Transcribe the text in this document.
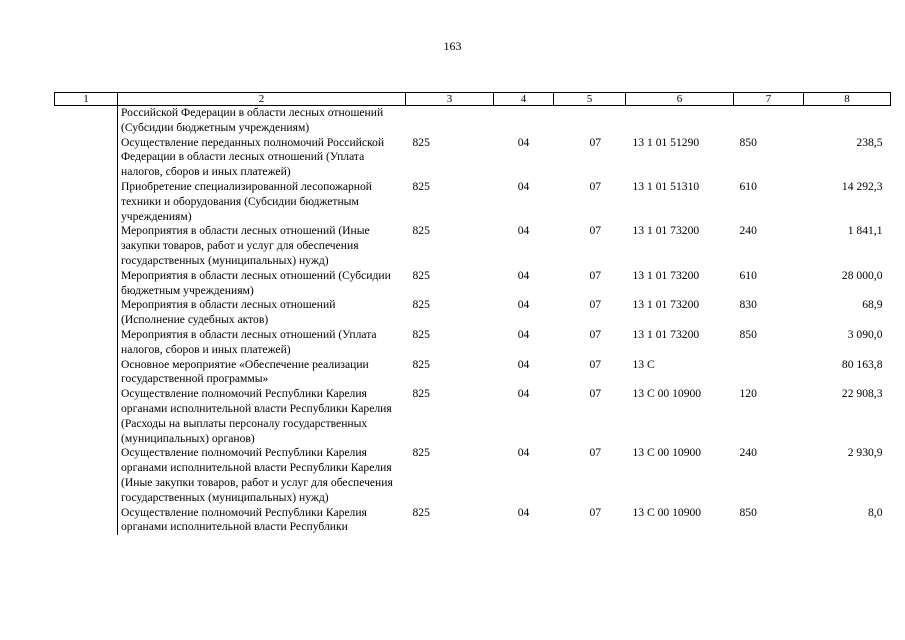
163
1	2	3	4	5	6	7	8
	Российской Федерации в области лесных отношений (Субсидии бюджетным учреждениям)						
	Осуществление переданных полномочий Российской Федерации в области лесных отношений (Уплата налогов, сборов и иных платежей)	825	04	07	13 1 01 51290	850	238,5
	Приобретение специализированной лесопожарной техники и оборудования (Субсидии бюджетным учреждениям)	825	04	07	13 1 01 51310	610	14 292,3
	Мероприятия в области лесных отношений (Иные закупки товаров, работ и услуг для обеспечения государственных (муниципальных) нужд)	825	04	07	13 1 01 73200	240	1 841,1
	Мероприятия в области лесных отношений (Субсидии бюджетным учреждениям)	825	04	07	13 1 01 73200	610	28 000,0
	Мероприятия в области лесных отношений (Исполнение судебных актов)	825	04	07	13 1 01 73200	830	68,9
	Мероприятия в области лесных отношений (Уплата налогов, сборов и иных платежей)	825	04	07	13 1 01 73200	850	3 090,0
	Основное мероприятие «Обеспечение реализации государственной программы»	825	04	07	13 С		80 163,8
	Осуществление полномочий Республики Карелия органами исполнительной власти Республики Карелия (Расходы на выплаты персоналу государственных (муниципальных) органов)	825	04	07	13 С 00 10900	120	22 908,3
	Осуществление полномочий Республики Карелия органами исполнительной власти Республики Карелия (Иные закупки товаров, работ и услуг для обеспечения государственных (муниципальных) нужд)	825	04	07	13 С 00 10900	240	2 930,9
	Осуществление полномочий Республики Карелия органами исполнительной власти Республики	825	04	07	13 С 00 10900	850	8,0
